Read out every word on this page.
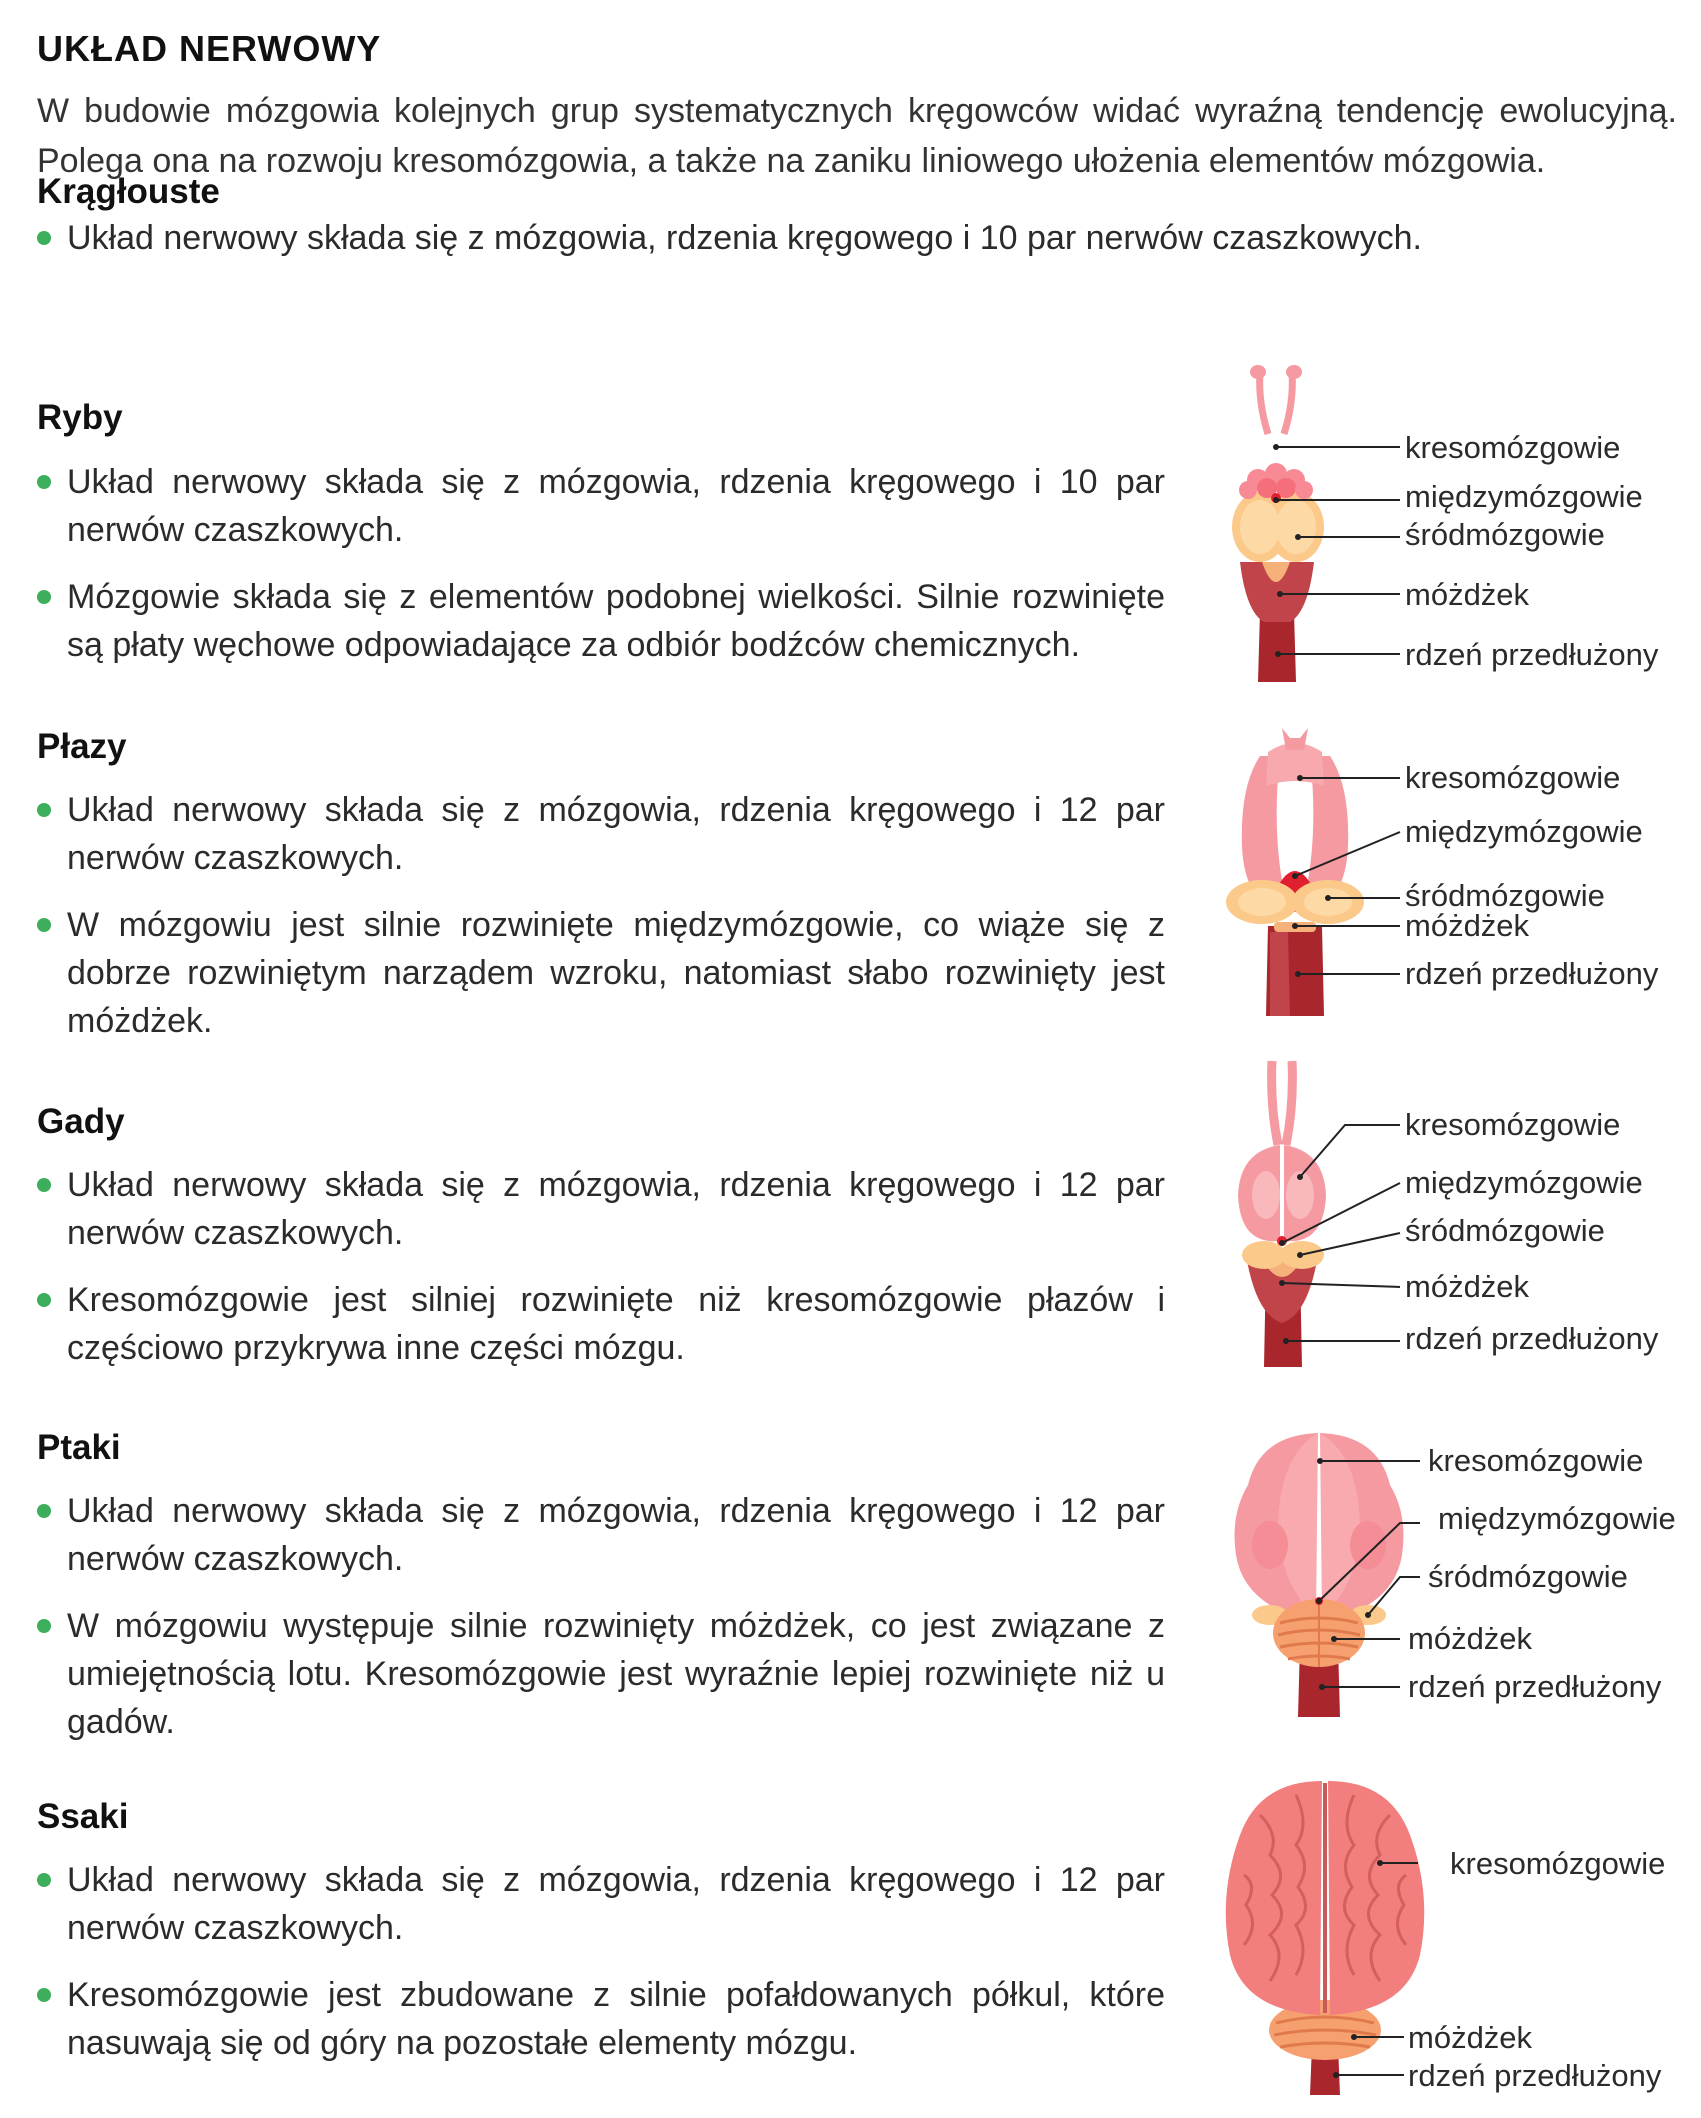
UKŁAD NERWOWY

W budowie mózgowia kolejnych grup systematycznych kręgowców widać wyraźną tendencję ewolucyjną. Polega ona na rozwoju kresomózgowia, a także na zaniku liniowego ułożenia elementów mózgowia.

Krągłouste

Układ nerwowy składa się z mózgowia, rdzenia kręgowego i 10 par nerwów czaszkowych.

Ryby

Układ nerwowy składa się z mózgowia, rdzenia kręgowego i 10 par nerwów czaszkowych.

Mózgowie składa się z elementów podobnej wielkości. Silnie rozwinięte są płaty węchowe odpowiadające za odbiór bodźców chemicznych.

Płazy

Układ nerwowy składa się z mózgowia, rdzenia kręgowego i 12 par nerwów czaszkowych.

W mózgowiu jest silnie rozwinięte międzymózgowie, co wiąże się z dobrze rozwiniętym narządem wzroku, natomiast słabo rozwinięty jest móżdżek.

Gady

Układ nerwowy składa się z mózgowia, rdzenia kręgowego i 12 par nerwów czaszkowych.

Kresomózgowie jest silniej rozwinięte niż kresomózgowie płazów i częściowo przykrywa inne części mózgu.

Ptaki

Układ nerwowy składa się z mózgowia, rdzenia kręgowego i 12 par nerwów czaszkowych.

W mózgowiu występuje silnie rozwinięty móżdżek, co jest związane z umiejętnością lotu. Kresomózgowie jest wyraźnie lepiej rozwinięte niż u gadów.

Ssaki

Układ nerwowy składa się z mózgowia, rdzenia kręgowego i 12 par nerwów czaszkowych.

Kresomózgowie jest zbudowane z silnie pofałdowanych półkul, które nasuwają się od góry na pozostałe elementy mózgu.

kresomózgowie
międzymózgowie
śródmózgowie
móżdżek
rdzeń przedłużony
kresomózgowie
międzymózgowie
śródmózgowie
móżdżek
rdzeń przedłużony
kresomózgowie
międzymózgowie
śródmózgowie
móżdżek
rdzeń przedłużony
kresomózgowie
międzymózgowie
śródmózgowie
móżdżek
rdzeń przedłużony
kresomózgowie
móżdżek
rdzeń przedłużony
